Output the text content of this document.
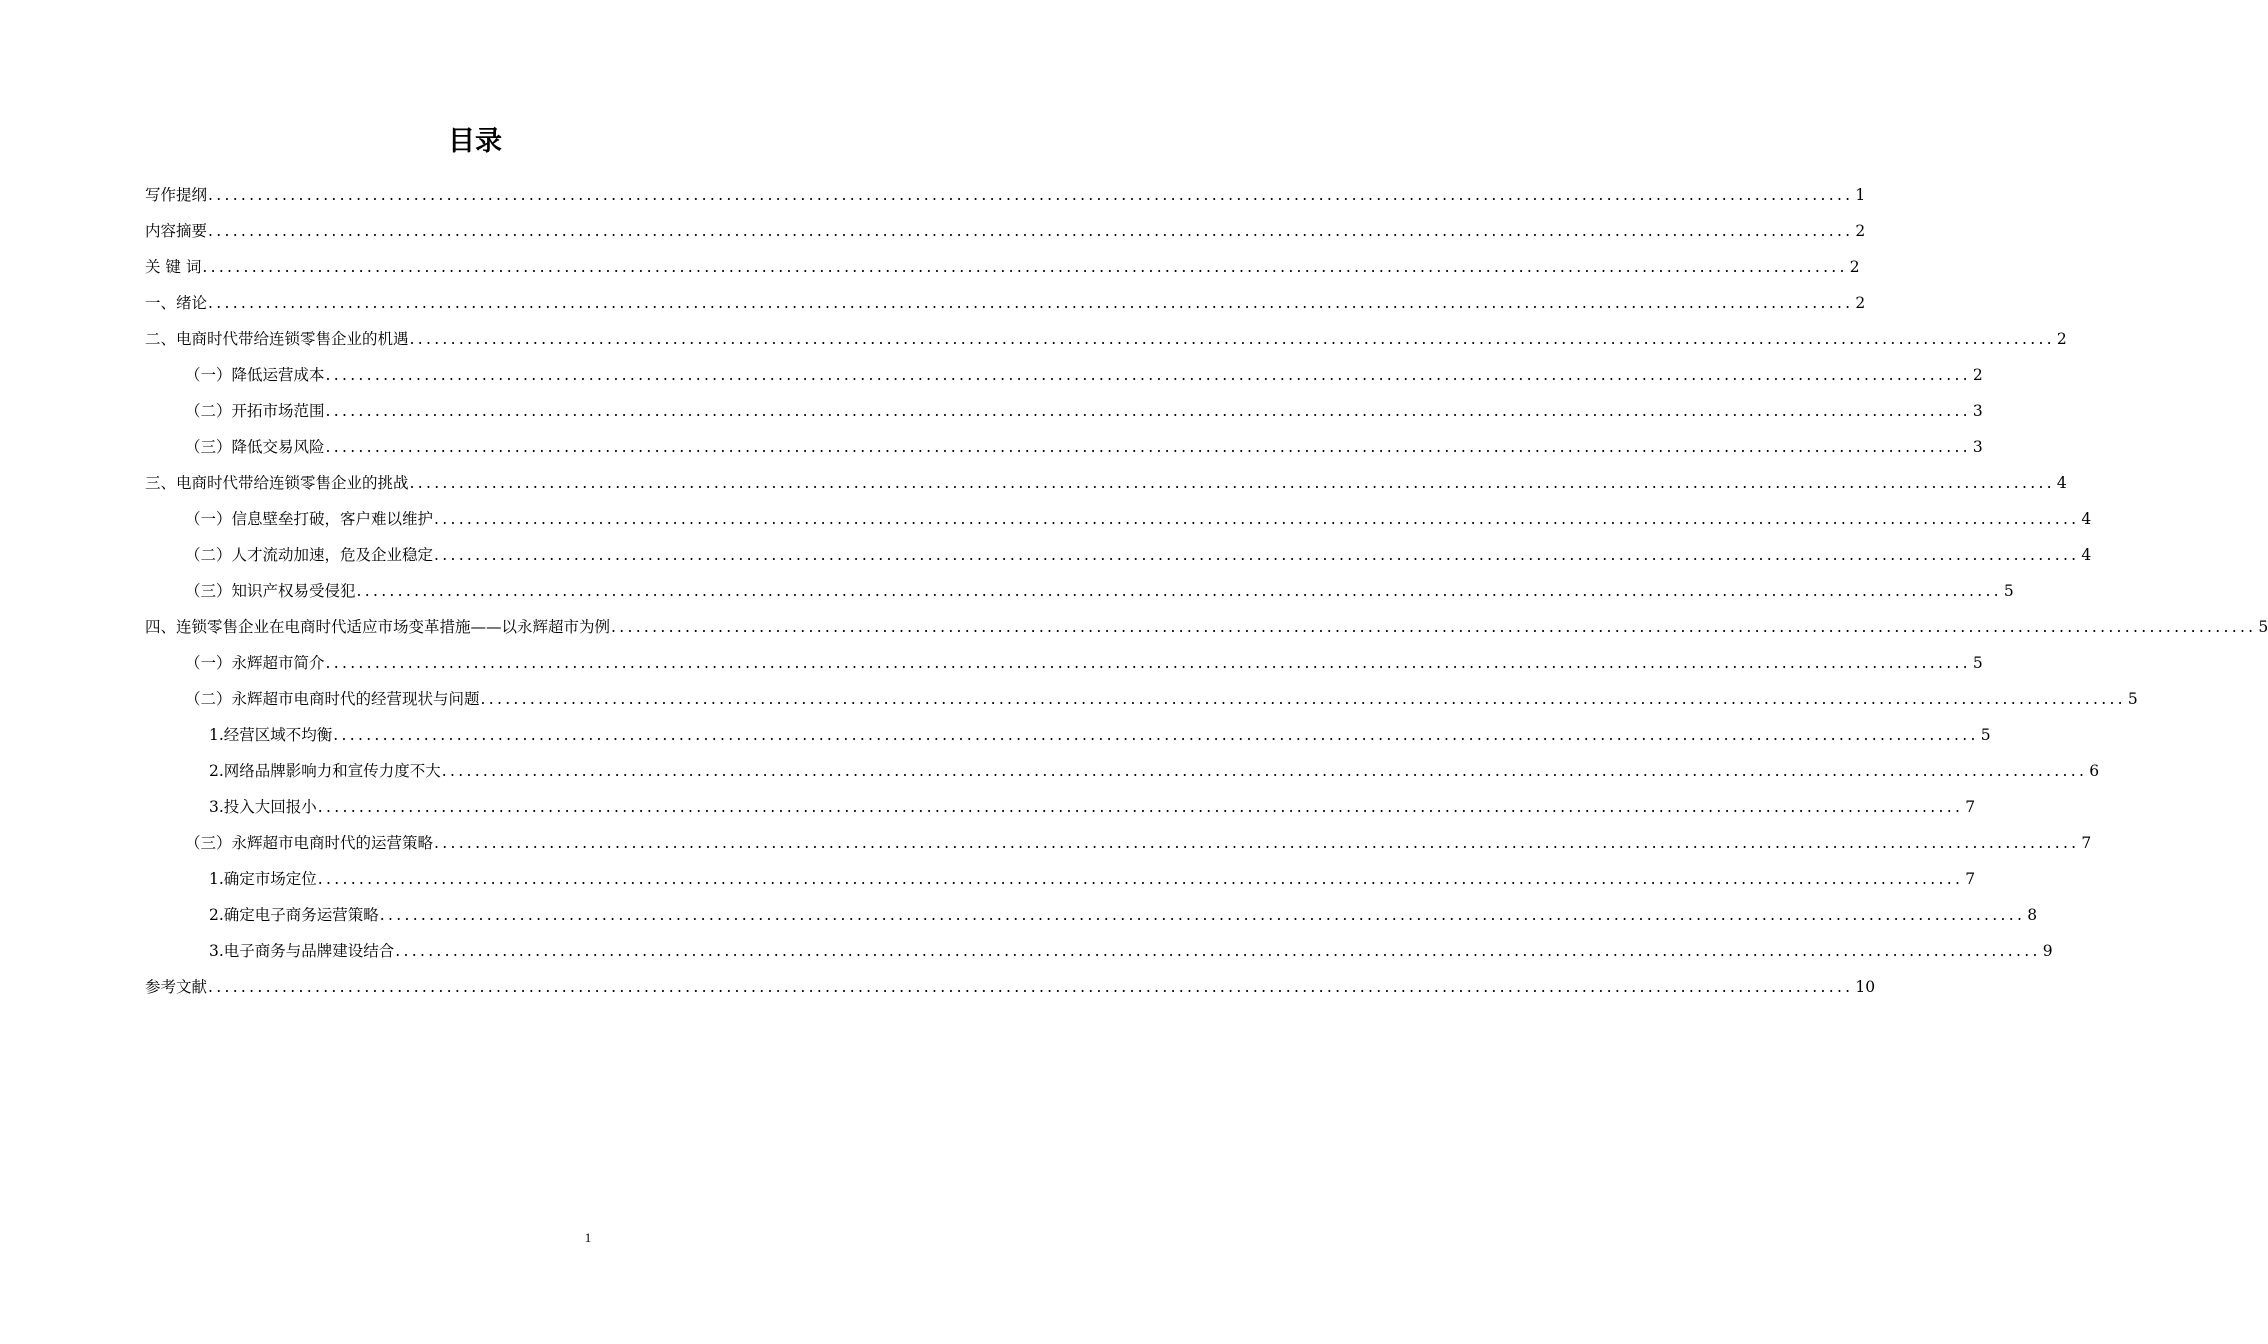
目录
写作提纲 ........................................................................................................................................................................................................ 1
内容摘要 ........................................................................................................................................................................................................ 2
关 键 词 ........................................................................................................................................................................................................ 2
一、绪论 ........................................................................................................................................................................................................ 2
二、电商时代带给连锁零售企业的机遇 ........................................................................................................................................................................................................ 2
（一）降低运营成本 ........................................................................................................................................................................................................ 2
（二）开拓市场范围 ........................................................................................................................................................................................................ 3
（三）降低交易风险 ........................................................................................................................................................................................................ 3
三、电商时代带给连锁零售企业的挑战 ........................................................................................................................................................................................................ 4
（一）信息壁垒打破，客户难以维护 ........................................................................................................................................................................................................ 4
（二）人才流动加速，危及企业稳定 ........................................................................................................................................................................................................ 4
（三）知识产权易受侵犯 ........................................................................................................................................................................................................ 5
四、连锁零售企业在电商时代适应市场变革措施——以永辉超市为例 ........................................................................................................................................................................................................ 5
（一）永辉超市简介 ........................................................................................................................................................................................................ 5
（二）永辉超市电商时代的经营现状与问题 ........................................................................................................................................................................................................ 5
1.经营区域不均衡 ........................................................................................................................................................................................................ 5
2.网络品牌影响力和宣传力度不大 ........................................................................................................................................................................................................ 6
3.投入大回报小 ........................................................................................................................................................................................................ 7
（三）永辉超市电商时代的运营策略 ........................................................................................................................................................................................................ 7
1.确定市场定位 ........................................................................................................................................................................................................ 7
2.确定电子商务运营策略 ........................................................................................................................................................................................................ 8
3.电子商务与品牌建设结合 ........................................................................................................................................................................................................ 9
参考文献 ........................................................................................................................................................................................................ 10
1
